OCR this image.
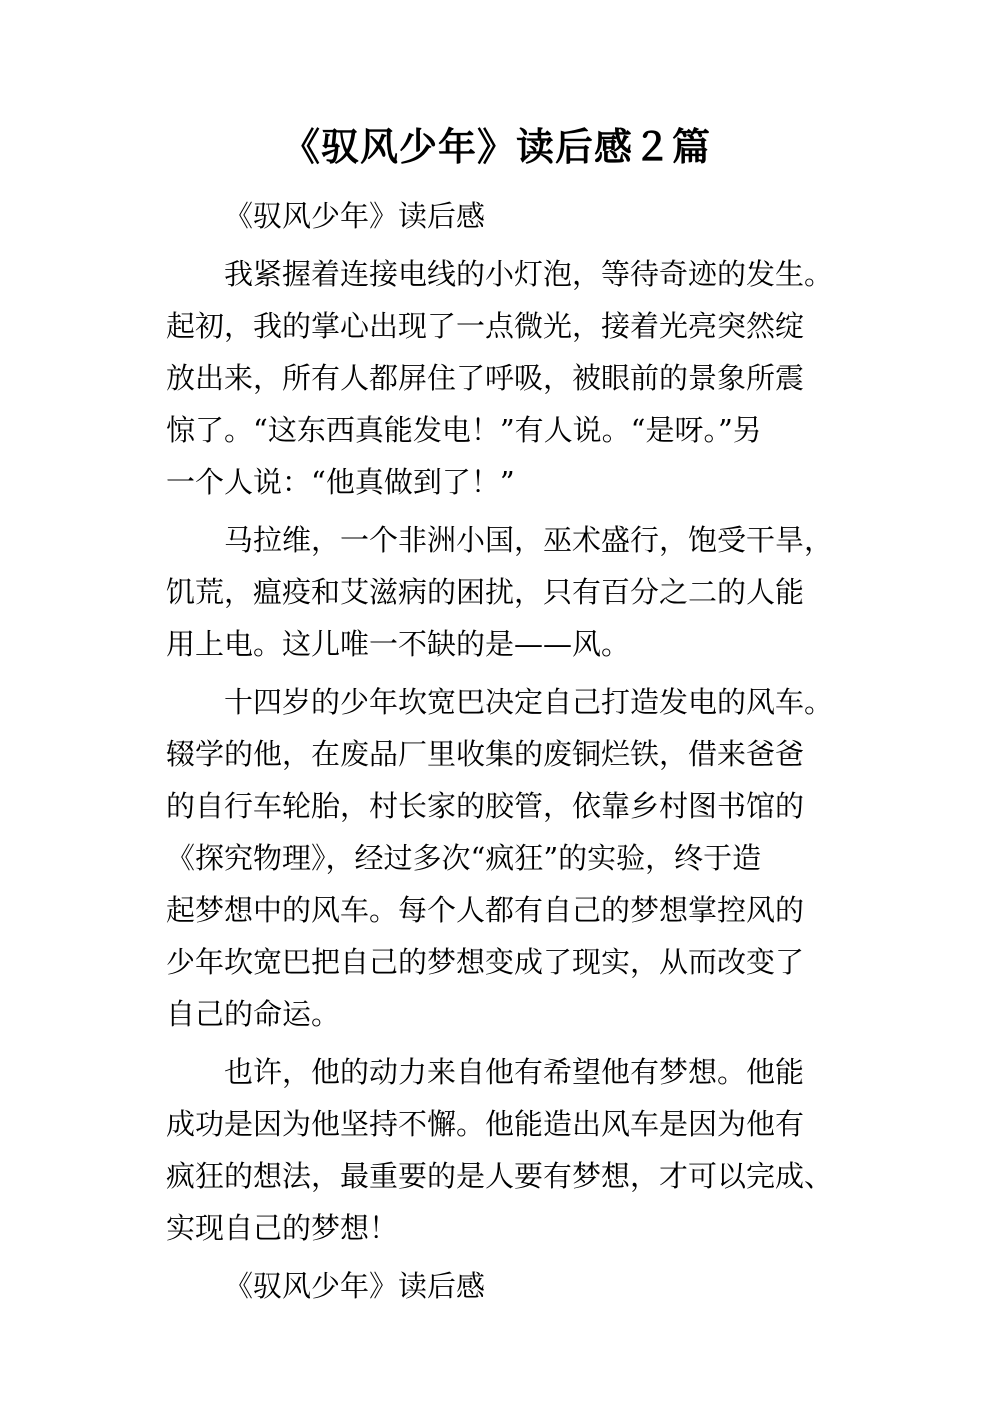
《驭风少年》读后感２篇
《驭风少年》读后感
我紧握着连接电线的小灯泡，等待奇迹的发生。
起初，我的掌心出现了一点微光，接着光亮突然绽
放出来，所有人都屏住了呼吸，被眼前的景象所震
惊了。“这东西真能发电！”有人说。“是呀。”另
一个人说：“他真做到了！”
马拉维，一个非洲小国，巫术盛行，饱受干旱，
饥荒，瘟疫和艾滋病的困扰，只有百分之二的人能
用上电。这儿唯一不缺的是——风。
十四岁的少年坎宽巴决定自己打造发电的风车。
辍学的他，在废品厂里收集的废铜烂铁，借来爸爸
的自行车轮胎，村长家的胶管，依靠乡村图书馆的
《探究物理》，经过多次“疯狂”的实验，终于造
起梦想中的风车。每个人都有自己的梦想掌控风的
少年坎宽巴把自己的梦想变成了现实，从而改变了
自己的命运。
也许，他的动力来自他有希望他有梦想。他能
成功是因为他坚持不懈。他能造出风车是因为他有
疯狂的想法，最重要的是人要有梦想，才可以完成、
实现自己的梦想！
《驭风少年》读后感
